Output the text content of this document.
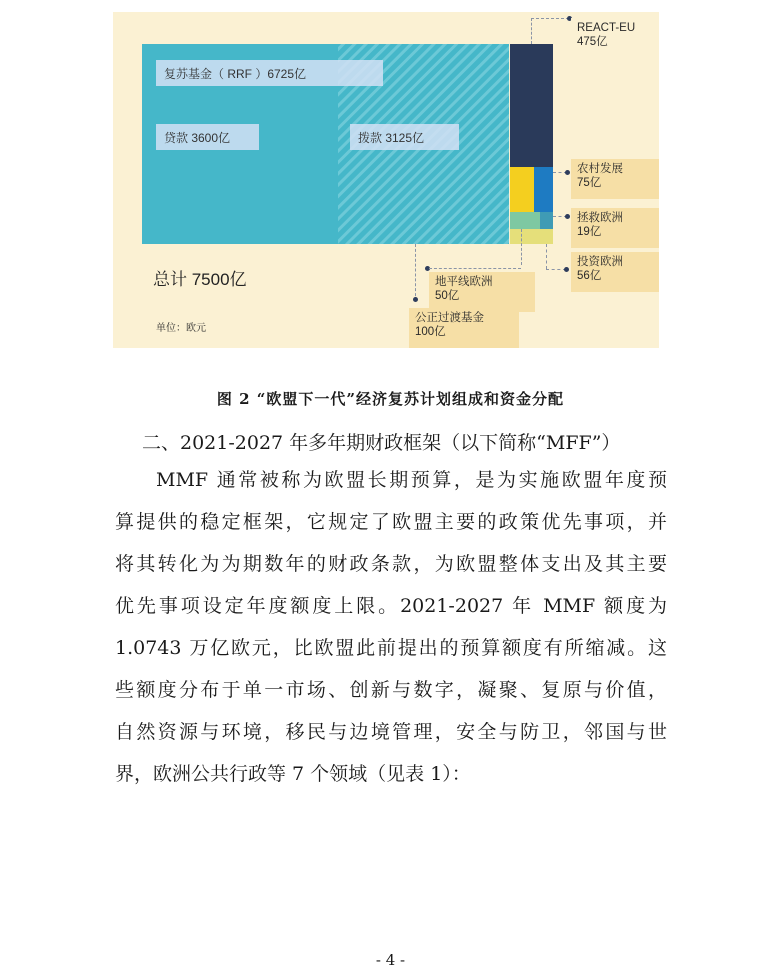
复苏基金（ RRF ）6725亿
贷款 3600亿	拨款 3125亿
总计 7500亿
单位：欧元
REACT-EU
475亿
农村发展
75亿
拯救欧洲
19亿
投资欧洲
56亿
地平线欧洲
50亿
公正过渡基金
100亿
图 2 “欧盟下一代”经济复苏计划组成和资金分配
二、2021-2027 年多年期财政框架（以下简称“MFF”）
MMF 通常被称为欧盟长期预算，是为实施欧盟年度预
算提供的稳定框架，它规定了欧盟主要的政策优先事项，并
将其转化为为期数年的财政条款，为欧盟整体支出及其主要
优先事项设定年度额度上限。2021-2027 年 MMF 额度为
1.0743 万亿欧元，比欧盟此前提出的预算额度有所缩减。这
些额度分布于单一市场、创新与数字，凝聚、复原与价值，
自然资源与环境，移民与边境管理，安全与防卫，邻国与世
界，欧洲公共行政等 7 个领域（见表 1）：
- 4 -
